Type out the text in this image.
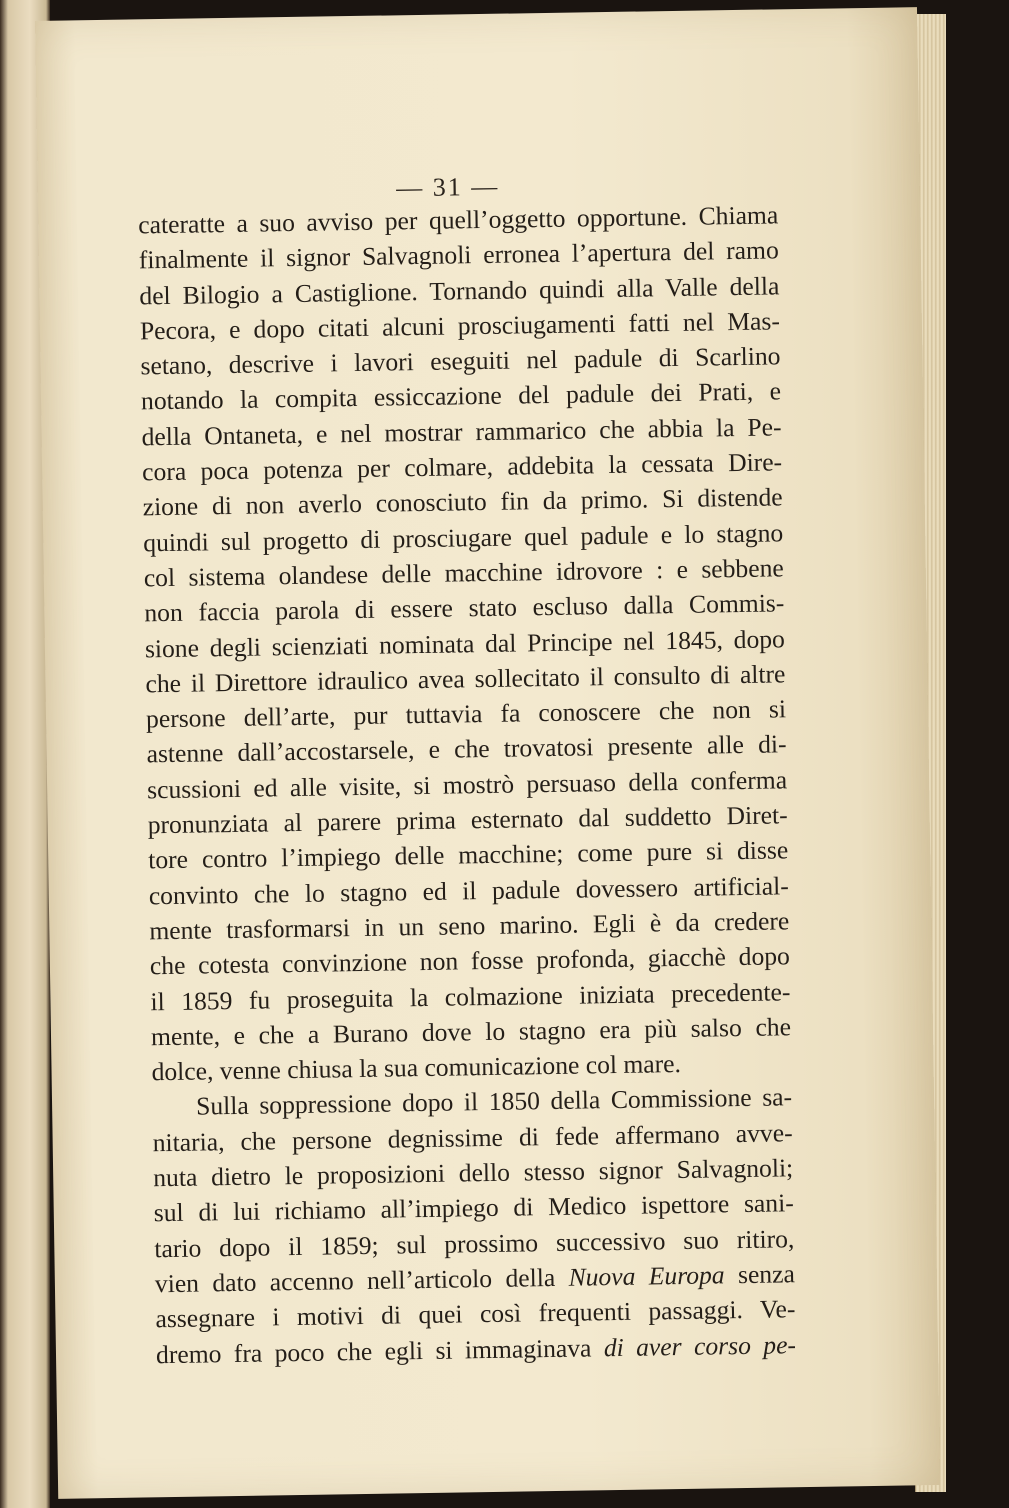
— 31 —
cateratte a suo avviso per quell’oggetto opportune. Chiama
finalmente il signor Salvagnoli erronea l’apertura del ramo
del Bilogio a Castiglione. Tornando quindi alla Valle della
Pecora, e dopo citati alcuni prosciugamenti fatti nel Mas-
setano, descrive i lavori eseguiti nel padule di Scarlino
notando la compita essiccazione del padule dei Prati, e
della Ontaneta, e nel mostrar rammarico che abbia la Pe-
cora poca potenza per colmare, addebita la cessata Dire-
zione di non averlo conosciuto fin da primo. Si distende
quindi sul progetto di prosciugare quel padule e lo stagno
col sistema olandese delle macchine idrovore : e sebbene
non faccia parola di essere stato escluso dalla Commis-
sione degli scienziati nominata dal Principe nel 1845, dopo
che il Direttore idraulico avea sollecitato il consulto di altre
persone dell’arte, pur tuttavia fa conoscere che non si
astenne dall’accostarsele, e che trovatosi presente alle di-
scussioni ed alle visite, si mostrò persuaso della conferma
pronunziata al parere prima esternato dal suddetto Diret-
tore contro l’impiego delle macchine; come pure si disse
convinto che lo stagno ed il padule dovessero artificial-
mente trasformarsi in un seno marino. Egli è da credere
che cotesta convinzione non fosse profonda, giacchè dopo
il 1859 fu proseguita la colmazione iniziata precedente-
mente, e che a Burano dove lo stagno era più salso che
dolce, venne chiusa la sua comunicazione col mare.
Sulla soppressione dopo il 1850 della Commissione sa-
nitaria, che persone degnissime di fede affermano avve-
nuta dietro le proposizioni dello stesso signor Salvagnoli;
sul di lui richiamo all’impiego di Medico ispettore sani-
tario dopo il 1859; sul prossimo successivo suo ritiro,
vien dato accenno nell’articolo della Nuova Europa senza
assegnare i motivi di quei così frequenti passaggi. Ve-
dremo fra poco che egli si immaginava di aver corso pe-
